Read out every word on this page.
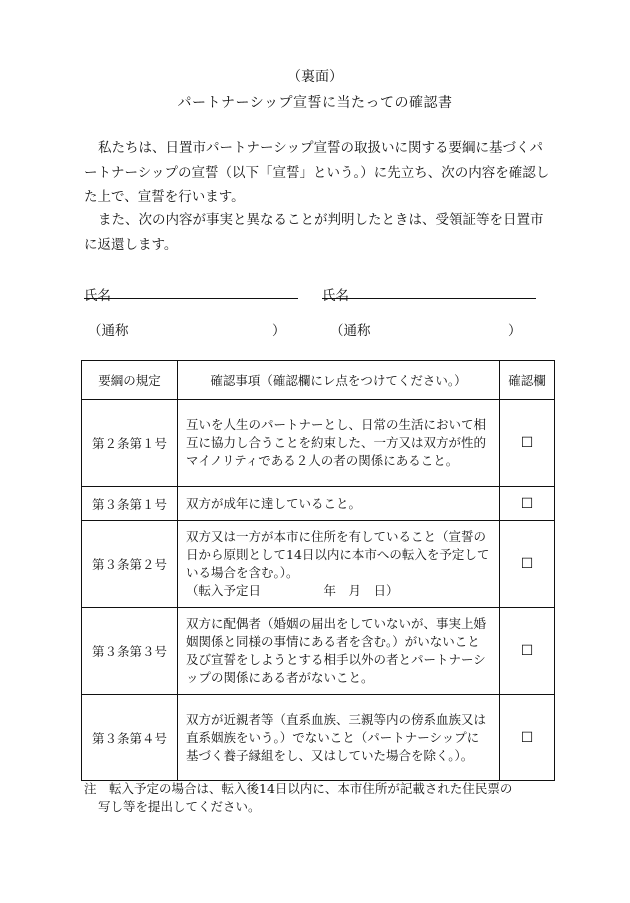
（裏面）
パートナーシップ宣誓に当たっての確認書
私たちは、日置市パートナーシップ宣誓の取扱いに関する要綱に基づくパートナーシップの宣誓（以下「宣誓」という。）に先立ち、次の内容を確認した上で、宣誓を行います。
また、次の内容が事実と異なることが判明したときは、受領証等を日置市に返還します。
氏名	氏名
（通称	）	（通称	）
要綱の規定	確認事項（確認欄にレ点をつけてください。）	確認欄
第２条第１号	互いを人生のパートナーとし、日常の生活において相互に協力し合うことを約束した、一方又は双方が性的マイノリティである２人の者の関係にあること。	☐
第３条第１号	双方が成年に達していること。	☐
第３条第２号	双方又は一方が本市に住所を有していること（宣誓の日から原則として14日以内に本市への転入を予定している場合を含む。）。
（転入予定日　　　　　年　月　日）	☐
第３条第３号	双方に配偶者（婚姻の届出をしていないが、事実上婚姻関係と同様の事情にある者を含む。）がいないこと及び宣誓をしようとする相手以外の者とパートナーシップの関係にある者がないこと。	☐
第３条第４号	双方が近親者等（直系血族、三親等内の傍系血族又は直系姻族をいう。）でないこと（パートナーシップに基づく養子縁組をし、又はしていた場合を除く。）。	☐
注　転入予定の場合は、転入後14日以内に、本市住所が記載された住民票の
写し等を提出してください。
